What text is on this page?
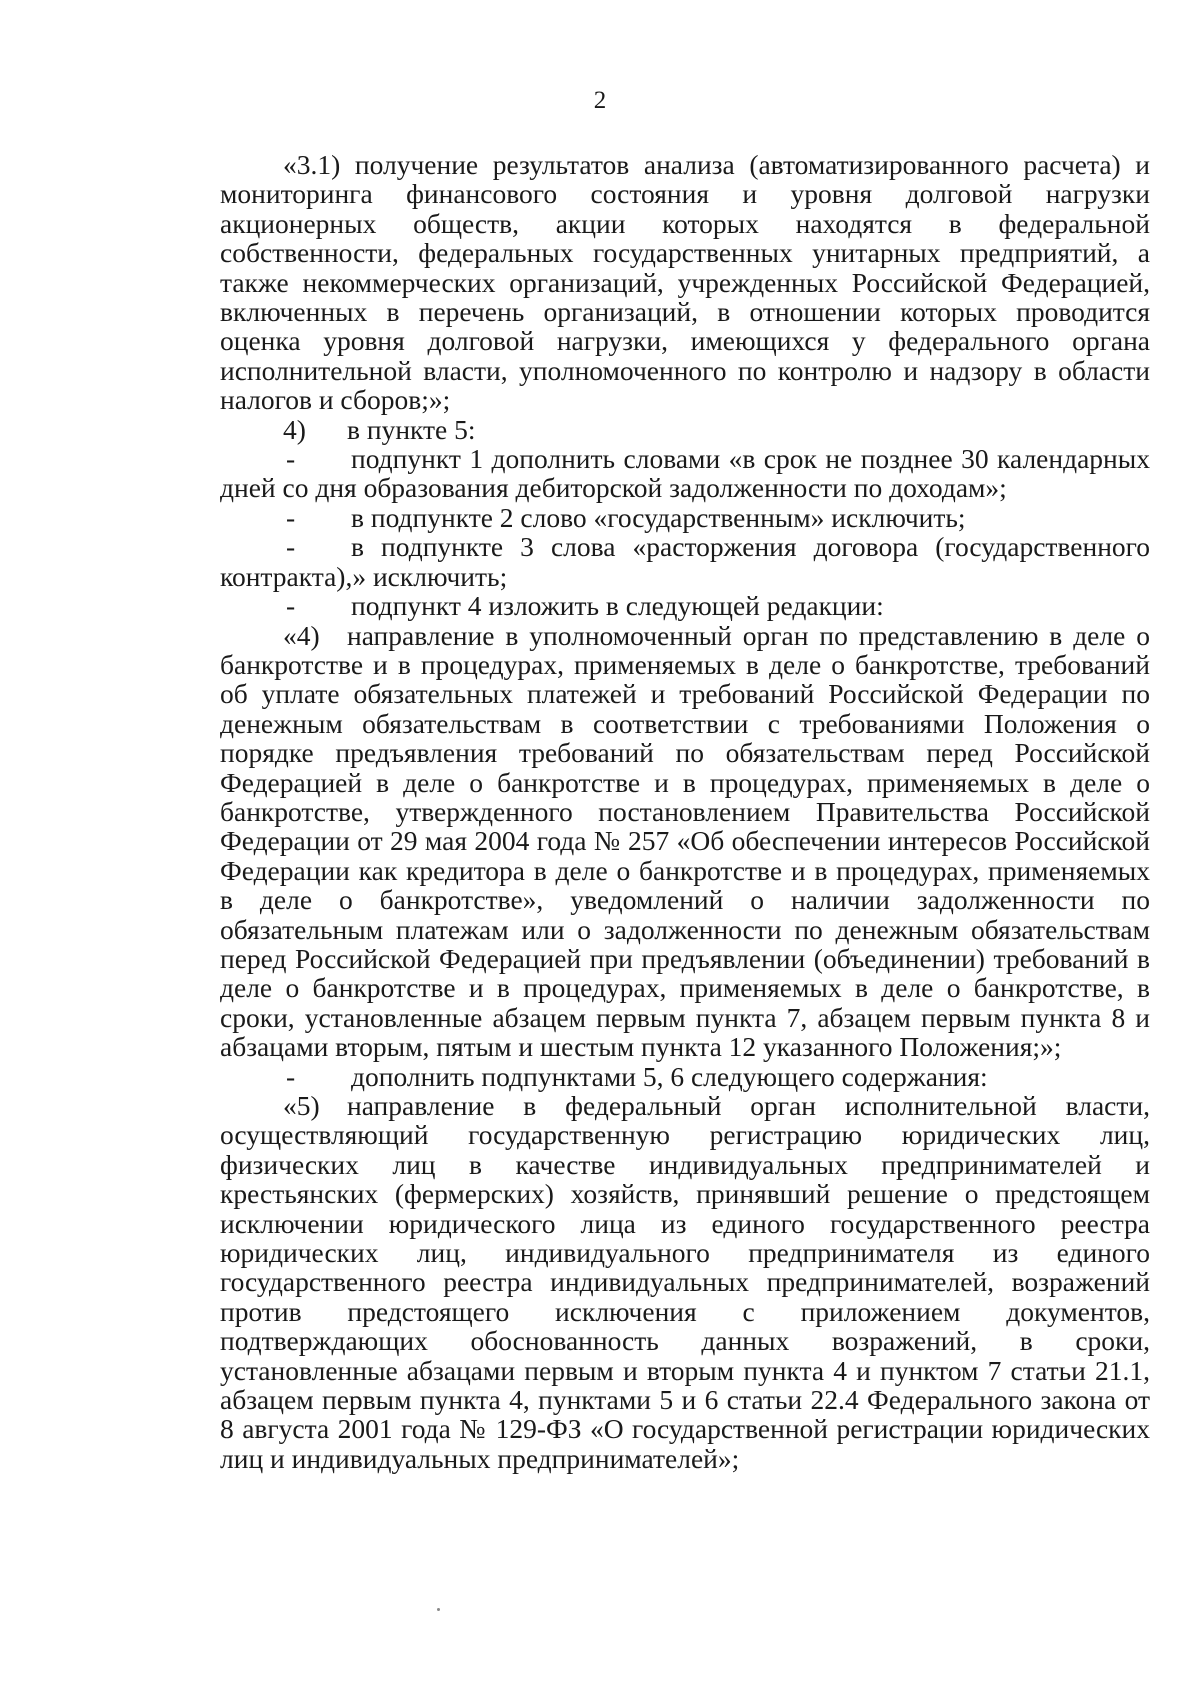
2

«3.1) получение результатов анализа (автоматизированного расчета) и мониторинга финансового состояния и уровня долговой нагрузки акционерных обществ, акции которых находятся в федеральной собственности, федеральных государственных унитарных предприятий, а также некоммерческих организаций, учрежденных Российской Федерацией, включенных в перечень организаций, в отношении которых проводится оценка уровня долговой нагрузки, имеющихся у федерального органа исполнительной власти, уполномоченного по контролю и надзору в области налогов и сборов;»;

4) в пункте 5:

- подпункт 1 дополнить словами «в срок не позднее 30 календарных дней со дня образования дебиторской задолженности по доходам»;

- в подпункте 2 слово «государственным» исключить;

- в подпункте 3 слова «расторжения договора (государственного контракта),» исключить;

- подпункт 4 изложить в следующей редакции:

«4) направление в уполномоченный орган по представлению в деле о банкротстве и в процедурах, применяемых в деле о банкротстве, требований об уплате обязательных платежей и требований Российской Федерации по денежным обязательствам в соответствии с требованиями Положения о порядке предъявления требований по обязательствам перед Российской Федерацией в деле о банкротстве и в процедурах, применяемых в деле о банкротстве, утвержденного постановлением Правительства Российской Федерации от 29 мая 2004 года № 257 «Об обеспечении интересов Российской Федерации как кредитора в деле о банкротстве и в процедурах, применяемых в деле о банкротстве», уведомлений о наличии задолженности по обязательным платежам или о задолженности по денежным обязательствам перед Российской Федерацией при предъявлении (объединении) требований в деле о банкротстве и в процедурах, применяемых в деле о банкротстве, в сроки, установленные абзацем первым пункта 7, абзацем первым пункта 8 и абзацами вторым, пятым и шестым пункта 12 указанного Положения;»;

- дополнить подпунктами 5, 6 следующего содержания:

«5) направление в федеральный орган исполнительной власти, осуществляющий государственную регистрацию юридических лиц, физических лиц в качестве индивидуальных предпринимателей и крестьянских (фермерских) хозяйств, принявший решение о предстоящем исключении юридического лица из единого государственного реестра юридических лиц, индивидуального предпринимателя из единого государственного реестра индивидуальных предпринимателей, возражений против предстоящего исключения с приложением документов, подтверждающих обоснованность данных возражений, в сроки, установленные абзацами первым и вторым пункта 4 и пунктом 7 статьи 21.1, абзацем первым пункта 4, пунктами 5 и 6 статьи 22.4 Федерального закона от 8 августа 2001 года № 129-ФЗ «О государственной регистрации юридических лиц и индивидуальных предпринимателей»;
